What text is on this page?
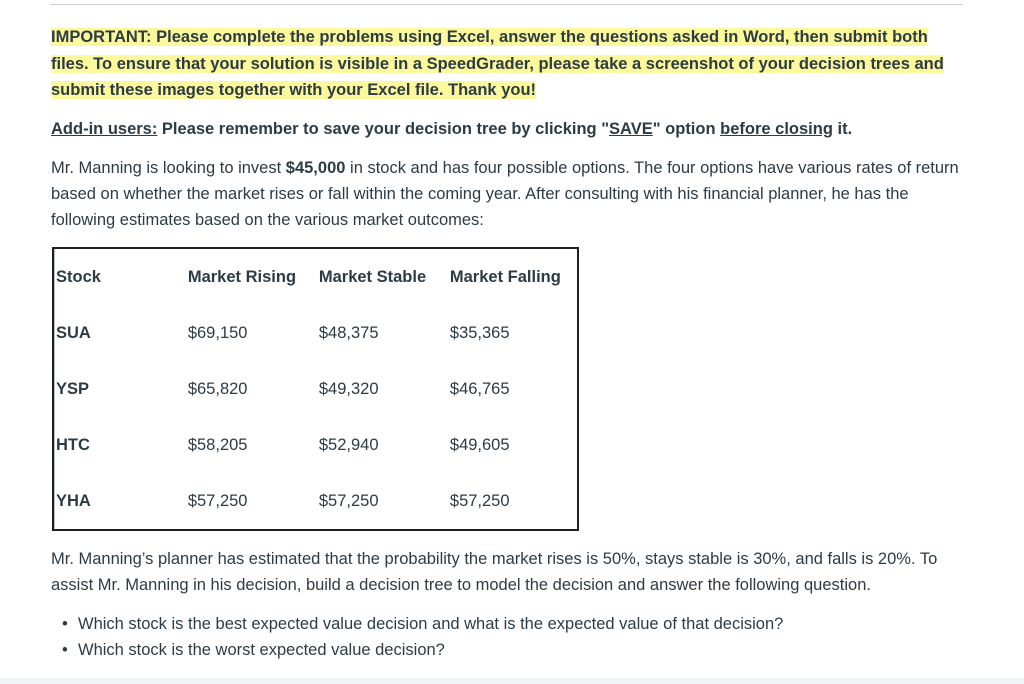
IMPORTANT: Please complete the problems using Excel, answer the questions asked in Word, then submit both files. To ensure that your solution is visible in a SpeedGrader, please take a screenshot of your decision trees and submit these images together with your Excel file. Thank you!

Add-in users: Please remember to save your decision tree by clicking "SAVE" option before closing it.

Mr. Manning is looking to invest $45,000 in stock and has four possible options. The four options have various rates of return based on whether the market rises or fall within the coming year. After consulting with his financial planner, he has the following estimates based on the various market outcomes:

Stock	Market Rising	Market Stable	Market Falling
SUA	$69,150	$48,375	$35,365
YSP	$65,820	$49,320	$46,765
HTC	$58,205	$52,940	$49,605
YHA	$57,250	$57,250	$57,250

Mr. Manning’s planner has estimated that the probability the market rises is 50%, stays stable is 30%, and falls is 20%. To assist Mr. Manning in his decision, build a decision tree to model the decision and answer the following question.

• Which stock is the best expected value decision and what is the expected value of that decision?
• Which stock is the worst expected value decision?
